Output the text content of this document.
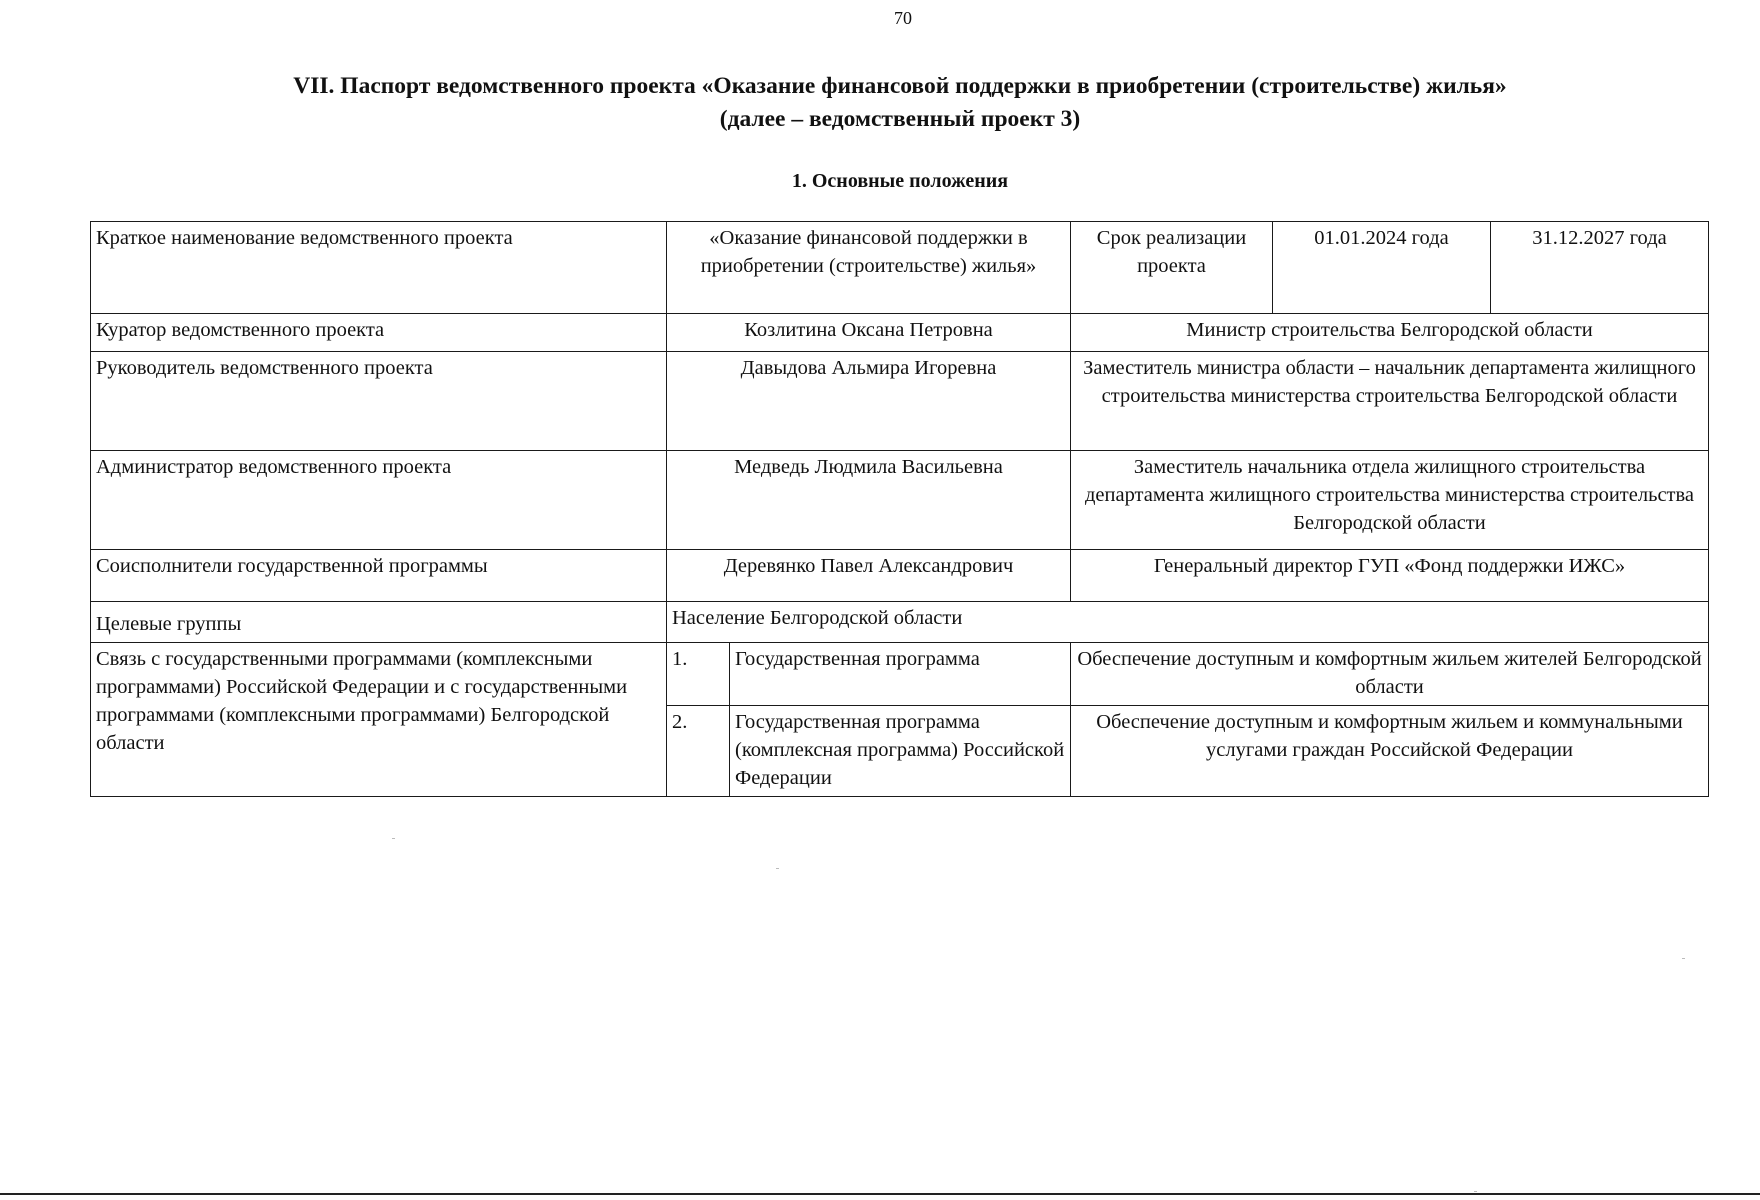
70
VII. Паспорт ведомственного проекта «Оказание финансовой поддержки в приобретении (строительстве) жилья»
(далее – ведомственный проект 3)
1. Основные положения
Краткое наименование ведомственного проекта	«Оказание финансовой поддержки в приобретении (строительстве) жилья»		Срок реализации проекта	01.01.2024 года	31.12.2027 года
Куратор ведомственного проекта	Козлитина Оксана Петровна		Министр строительства Белгородской области		
Руководитель ведомственного проекта	Давыдова Альмира Игоревна		Заместитель министра области – начальник департамента жилищного строительства министерства строительства Белгородской области		
Администратор ведомственного проекта	Медведь Людмила Васильевна		Заместитель начальника отдела жилищного строительства департамента жилищного строительства министерства строительства Белгородской области		
Соисполнители государственной программы	Деревянко Павел Александрович		Генеральный директор ГУП «Фонд поддержки ИЖС»		
Целевые группы	Население Белгородской области				
Связь с государственными программами (комплексными программами) Российской Федерации и с государственными программами (комплексными программами) Белгородской области	1.	Государственная программа	Обеспечение доступным и комфортным жильем жителей Белгородской области		
	2.	Государственная программа (комплексная программа) Российской Федерации	Обеспечение доступным и комфортным жильем и коммунальными услугами граждан Российской Федерации		
